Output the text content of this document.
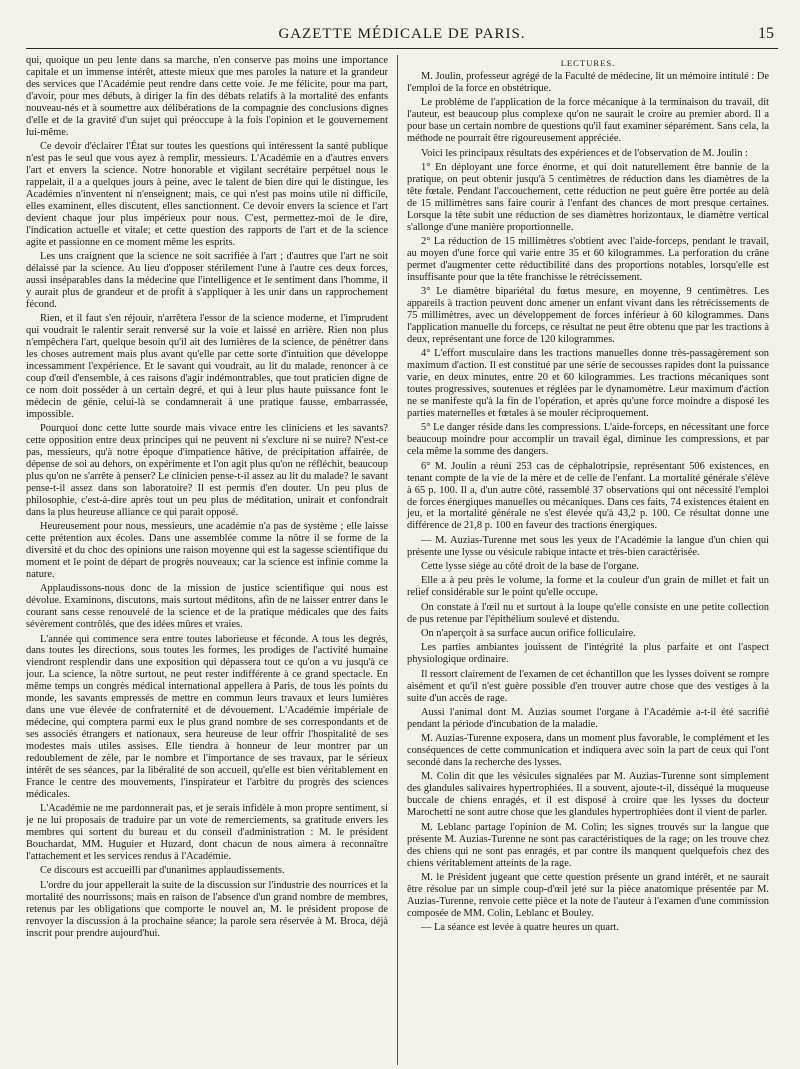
GAZETTE MÉDICALE DE PARIS.	15

qui, quoique un peu lente dans sa marche, n'en conserve pas moins une importance capitale et un immense intérêt, atteste mieux que mes paroles la nature et la grandeur des services que l'Académie peut rendre dans cette voie. Je me félicite, pour ma part, d'avoir, pour mes débuts, à diriger la fin des débats relatifs à la mortalité des enfants nouveau-nés et à soumettre aux délibérations de la compagnie des conclusions dignes d'elle et de la gravité d'un sujet qui préoccupe à la fois l'opinion et le gouvernement lui-même.

Ce devoir d'éclairer l'État sur toutes les questions qui intéressent la santé publique n'est pas le seul que vous ayez à remplir, messieurs. L'Académie en a d'autres envers l'art et envers la science. Notre honorable et vigilant secrétaire perpétuel nous le rappelait, il a a quelques jours à peine, avec le talent de bien dire qui le distingue, les Académies n'inventent ni n'enseignent; mais, ce qui n'est pas moins utile ni difficile, elles examinent, elles discutent, elles sanctionnent. Ce devoir envers la science et l'art devient chaque jour plus impérieux pour nous. C'est, permettez-moi de le dire, l'indication actuelle et vitale; et cette question des rapports de l'art et de la science agite et passionne en ce moment même les esprits.

Les uns craignent que la science ne soit sacrifiée à l'art ; d'autres que l'art ne soit délaissé par la science. Au lieu d'opposer stérilement l'une à l'autre ces deux forces, aussi inséparables dans la médecine que l'intelligence et le sentiment dans l'homme, il y aurait plus de grandeur et de profit à s'appliquer à les unir dans un rapprochement fécond.

Rien, et il faut s'en réjouir, n'arrêtera l'essor de la science moderne, et l'imprudent qui voudrait le ralentir serait renversé sur la voie et laissé en arrière. Rien non plus n'empêchera l'art, quelque besoin qu'il ait des lumières de la science, de pénétrer dans les choses autrement mais plus avant qu'elle par cette sorte d'intuition que développe incessamment l'expérience. Et le savant qui voudrait, au lit du malade, renoncer à ce coup d'œil d'ensemble, à ces raisons d'agir indémontrables, que tout praticien digne de ce nom doit posséder à un certain degré, et qui à leur plus haute puissance font le médecin de génie, celui-là se condamnerait à une pratique fausse, embarrassée, impossible.

Pourquoi donc cette lutte sourde mais vivace entre les cliniciens et les savants? cette opposition entre deux principes qui ne peuvent ni s'exclure ni se nuire? N'est-ce pas, messieurs, qu'à notre époque d'impatience hâtive, de précipitation affairée, de dépense de soi au dehors, on expérimente et l'on agit plus qu'on ne réfléchit, beaucoup plus qu'on ne s'arrête à penser? Le clinicien pense-t-il assez au lit du malade? le savant pense-t-il assez dans son laboratoire? Il est permis d'en douter. Un peu plus de philosophie, c'est-à-dire après tout un peu plus de méditation, unirait et confondrait dans la plus heureuse alliance ce qui parait opposé.

Heureusement pour nous, messieurs, une académie n'a pas de système ; elle laisse cette prétention aux écoles. Dans une assemblée comme la nôtre il se forme de la diversité et du choc des opinions une raison moyenne qui est la sagesse scientifique du moment et le point de départ de progrès nouveaux; car la science est infinie comme la nature.

Applaudissons-nous donc de la mission de justice scientifique qui nous est dévolue. Examinons, discutons, mais surtout méditons, afin de ne laisser entrer dans le courant sans cesse renouvelé de la science et de la pratique médicales que des faits sévèrement contrôlés, que des idées mûres et vraies.

L'année qui commence sera entre toutes laborieuse et féconde. A tous les degrés, dans toutes les directions, sous toutes les formes, les prodiges de l'activité humaine viendront resplendir dans une exposition qui dépassera tout ce qu'on a vu jusqu'à ce jour. La science, la nôtre surtout, ne peut rester indifférente à ce grand spectacle. En même temps un congrès médical international appellera à Paris, de tous les points du monde, les savants empressés de mettre en commun leurs travaux et leurs lumières dans une vue élevée de confraternité et de dévouement. L'Académie impériale de médecine, qui comptera parmi eux le plus grand nombre de ses correspondants et de ses associés étrangers et nationaux, sera heureuse de leur offrir l'hospitalité de ses modestes mais utiles assises. Elle tiendra à honneur de leur montrer par un redoublement de zèle, par le nombre et l'importance de ses travaux, par le sérieux intérêt de ses séances, par la libéralité de son accueil, qu'elle est bien véritablement en France le centre des mouvements, l'inspirateur et l'arbitre du progrès des sciences médicales.

L'Académie ne me pardonnerait pas, et je serais infidèle à mon propre sentiment, si je ne lui proposais de traduire par un vote de remerciements, sa gratitude envers les membres qui sortent du bureau et du conseil d'administration : M. le président Bouchardat, MM. Huguier et Huzard, dont chacun de nous aimera à reconnaître l'attachement et les services rendus à l'Académie.

Ce discours est accueilli par d'unanimes applaudissements.

L'ordre du jour appellerait la suite de la discussion sur l'industrie des nourrices et la mortalité des nourrissons; mais en raison de l'absence d'un grand nombre de membres, retenus par les obligations que comporte le nouvel an, M. le président propose de renvoyer la discussion à la prochaine séance; la parole sera réservée à M. Broca, déjà inscrit pour prendre aujourd'hui.

LECTURES.

M. Joulin, professeur agrégé de la Faculté de médecine, lit un mémoire intitulé : De l'emploi de la force en obstétrique.

Le problème de l'application de la force mécanique à la terminaison du travail, dit l'auteur, est beaucoup plus complexe qu'on ne saurait le croire au premier abord. Il a pour base un certain nombre de questions qu'il faut examiner séparément. Sans cela, la méthode ne pourrait être rigoureusement appréciée.

Voici les principaux résultats des expériences et de l'observation de M. Joulin :

1° En déployant une force énorme, et qui doit naturellement être bannie de la pratique, on peut obtenir jusqu'à 5 centimètres de réduction dans les diamètres de la tête fœtale. Pendant l'accouchement, cette réduction ne peut guère être portée au delà de 15 millimètres sans faire courir à l'enfant des chances de mort presque certaines. Lorsque la tête subit une réduction de ses diamètres horizontaux, le diamètre vertical s'allonge d'une manière proportionnelle.

2° La réduction de 15 millimètres s'obtient avec l'aide-forceps, pendant le travail, au moyen d'une force qui varie entre 35 et 60 kilogrammes. La perforation du crâne permet d'augmenter cette réductibilité dans des proportions notables, lorsqu'elle est insuffisante pour que la tête franchisse le rétrécissement.

3° Le diamètre bipariétal du fœtus mesure, en moyenne, 9 centimètres. Les appareils à traction peuvent donc amener un enfant vivant dans les rétrécissements de 75 millimètres, avec un développement de forces inférieur à 60 kilogrammes. Dans l'application manuelle du forceps, ce résultat ne peut être obtenu que par les tractions à deux, représentant une force de 120 kilogrammes.

4° L'effort musculaire dans les tractions manuelles donne très-passagèrement son maximum d'action. Il est constitué par une série de secousses rapides dont la puissance varie, en deux minutes, entre 20 et 60 kilogrammes. Les tractions mécaniques sont toutes progressives, soutenues et réglées par le dynamomètre. Leur maximum d'action ne se manifeste qu'à la fin de l'opération, et après qu'une force moindre a disposé les parties maternelles et fœtales à se mouler réciproquement.

5° Le danger réside dans les compressions. L'aide-forceps, en nécessitant une force beaucoup moindre pour accomplir un travail égal, diminue les compressions, et par cela même la somme des dangers.

6° M. Joulin a réuni 253 cas de céphalotripsie, représentant 506 existences, en tenant compte de la vie de la mère et de celle de l'enfant. La mortalité générale s'élève à 65 p. 100. Il a, d'un autre côté, rassemblé 37 observations qui ont nécessité l'emploi de forces énergiques manuelles ou mécaniques. Dans ces faits, 74 existences étaient en jeu, et la mortalité générale ne s'est élevée qu'à 43,2 p. 100. Ce résultat donne une différence de 21,8 p. 100 en faveur des tractions énergiques.

— M. Auzias-Turenne met sous les yeux de l'Académie la langue d'un chien qui présente une lysse ou vésicule rabique intacte et très-bien caractérisée.

Cette lysse siége au côté droit de la base de l'organe.

Elle a à peu près le volume, la forme et la couleur d'un grain de millet et fait un relief considérable sur le point qu'elle occupe.

On constate à l'œil nu et surtout à la loupe qu'elle consiste en une petite collection de pus retenue par l'épithélium soulevé et distendu.

On n'aperçoit à sa surface aucun orifice folliculaire.

Les parties ambiantes jouissent de l'intégrité la plus parfaite et ont l'aspect physiologique ordinaire.

Il ressort clairement de l'examen de cet échantillon que les lysses doivent se rompre aisément et qu'il n'est guère possible d'en trouver autre chose que des vestiges à la suite d'un accès de rage.

Aussi l'animal dont M. Auzias soumet l'organe à l'Académie a-t-il été sacrifié pendant la période d'incubation de la maladie.

M. Auzias-Turenne exposera, dans un moment plus favorable, le complément et les conséquences de cette communication et indiquera avec soin la part de ceux qui l'ont secondé dans la recherche des lysses.

M. Colin dit que les vésicules signalées par M. Auzias-Turenne sont simplement des glandules salivaires hypertrophiées. Il a souvent, ajoute-t-il, disséqué la muqueuse buccale de chiens enragés, et il est disposé à croire que les lysses du docteur Marochetti ne sont autre chose que les glandules hypertrophiées dont il vient de parler.

M. Leblanc partage l'opinion de M. Colin; les signes trouvés sur la langue que présente M. Auzias-Turenne ne sont pas caractéristiques de la rage; on les trouve chez des chiens qui ne sont pas enragés, et par contre ils manquent quelquefois chez des chiens véritablement atteints de la rage.

M. le Président jugeant que cette question présente un grand intérêt, et ne saurait être résolue par un simple coup-d'œil jeté sur la pièce anatomique présentée par M. Auzias-Turenne, renvoie cette pièce et la note de l'auteur à l'examen d'une commission composée de MM. Colin, Leblanc et Bouley.

— La séance est levée à quatre heures un quart.
